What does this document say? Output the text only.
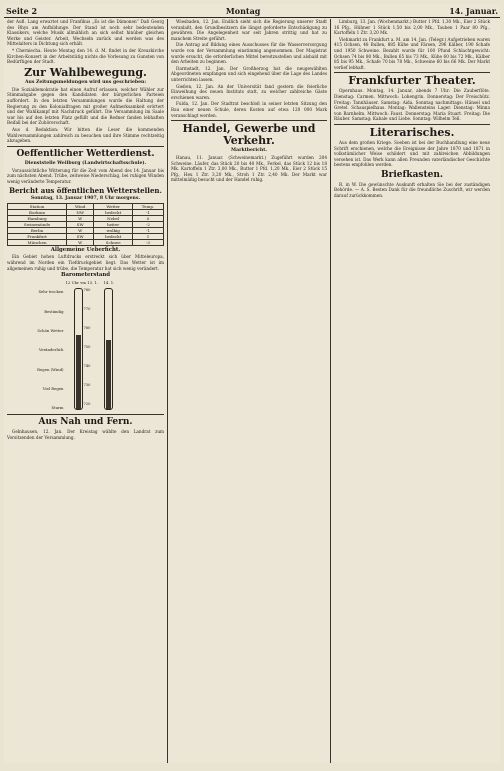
Seite 2	Montag	14. Januar.

der Aufl. Lang erwartet und Franfikus „Es ist die Dämonen“ Daß Georg des Rhys am Anfbildunge. Der Stand ist noch sehr bedeutenden Klassikers, welche Musik allmählich an sich selbst hinüber gleichen Werke und Geister. Arbeit, Wechseln zurück und werden was des Mittelalters in Dichtung sich erhält.

* Cherniecha. Heute Montag den 14. d. M. findet in der Kreuzkirche Kirchen-Konzert in der Arbeitstätig nichts die Vorlesung zu Gunsten von Bedürftigen der Stadt.

Zur Wahlbewegung.
Aus Zeitungsmeldungen wird uns geschrieben:

Die Sozialdemokratie hat einen Aufruf erlassen, welcher Wähler zur Stimmabgabe gegen den Kandidaten der bürgerlichen Parteien auffordert. In den letzten Versammlungen wurde die Haltung der Regierung zu den Kolonialfragen mit großer Aufmerksamkeit erörtert und der Wahlkampf mit Nachdruck geführt. Die Versammlung im Saale war bis auf den letzten Platz gefüllt und die Redner fanden lebhaften Beifall bei der Zuhörerschaft.

Aus d. Redaktion: Wir bitten die Leser die kommenden Wahlversammlungen zahlreich zu besuchen und ihre Stimme rechtzeitig abzugeben.

Oeffentlicher Wetterdienst.
Dienststelle Weilburg (Landwirtschaftsschule).

Voraussichtliche Witterung für die Zeit vom Abend des 14. Januar bis zum nächsten Abend. Trübe, zeitweise Niederschlag, bei ruhigen Winden wenig veränderte Temperatur.

Bericht aus öffentlichen Wetterstellen.
Sonntag, 13. Januar 1907, 8 Uhr morgens.
Station	Wind	Wetter	Temp.
Borkum	NW	bedeckt	-1
Hamburg	W	Nebel	0
Swinemünde	SW	heiter	-2
Berlin	W	wolkig	-1
Frankfurt	SW	bedeckt	1
München	W	Schnee	-3
Allgemeine Ueberficht.

Ein Gebiet hohen Luftdrucks erstreckt sich über Mitteleuropa, während im Norden ein Tiefdruckgebiet liegt. Das Wetter ist im allgemeinen ruhig und trübe, die Temperatur hat sich wenig verändert.

Barometerstand
12 Uhr vm 13. 1. 14. 1.
Sehr trocken
Beständig
Schön Wetter
Veränderlich
Regen (Wind)
Viel Regen
Sturm
780
770
760
750
740
730
720
Aus Nah und Fern.

Gelnhausen, 12. Jan. Der Kreistag wählte den Landrat zum Vorsitzenden der Versammlung.

Wiesbaden, 12. Jan. Endlich sieht sich die Regierung unserer Stadt veranlaßt, den Grundbesitzern die längst geforderte Entschädigung zu gewähren. Die Angelegenheit war seit Jahren strittig und hat zu manchem Streite geführt.

Die Antrag auf Bildung eines Ausschusses für die Wasserversorgung wurde von der Versammlung einstimmig angenommen. Der Magistrat wurde ersucht, die erforderlichen Mittel bereitzustellen und alsbald mit den Arbeiten zu beginnen.

Darmstadt, 12. Jan. Der Großherzog hat die neugewählten Abgeordneten empfangen und sich eingehend über die Lage des Landes unterrichten lassen.

Gießen, 12. Jan. An der Universität fand gestern die feierliche Einweihung des neuen Instituts statt, zu welcher zahlreiche Gäste erschienen waren.

Fulda, 12. Jan. Der Stadtrat beschloß in seiner letzten Sitzung den Bau einer neuen Schule, deren Kosten auf etwa 120 000 Mark veranschlagt werden.

Handel, Gewerbe und Verkehr.
Marktbericht.

Hanau, 11. Januar. (Schweinemarkt.) Zugeführt wurden 204 Schweine. Läufer, das Stück 20 bis 40 Mk., Ferkel, das Stück 12 bis 18 Mk. Kartoffeln 1 Ztr. 3,00 Mk., Butter 1 Pfd. 1,20 Mk., Eier 2 Stück 15 Pfg., Heu 1 Ztr. 3,20 Mk., Stroh 1 Ztr. 2,40 Mk. Der Markt war mittelmäßig besucht und der Handel ruhig.

Limburg, 13. Jan. (Wochenmarkt.) Butter 1 Pfd. 1,30 Mk., Eier 2 Stück 16 Pfg., Hühner 1 Stück 1,50 bis 2,00 Mk., Tauben 1 Paar 80 Pfg., Kartoffeln 1 Ztr. 3,20 Mk.

Viehmarkt zu Frankfurt a. M. am 14. Jan. (Telegr.) Aufgetrieben waren 415 Ochsen, 48 Bullen, 885 Kühe und Färsen, 296 Kälber, 190 Schafe und 1950 Schweine. Bezahlt wurde für 100 Pfund Schlachtgewicht: Ochsen 74 bis 80 Mk., Bullen 65 bis 73 Mk., Kühe 60 bis 72 Mk., Kälber 85 bis 95 Mk., Schafe 70 bis 78 Mk., Schweine 60 bis 66 Mk. Der Markt verlief lebhaft.

Frankfurter Theater.

Opernhaus. Montag, 14. Januar, abends 7 Uhr: Die Zauberflöte. Dienstag: Carmen. Mittwoch: Lohengrin. Donnerstag: Der Freischütz. Freitag: Tannhäuser. Samstag: Aida. Sonntag nachmittags: Hänsel und Gretel. Schauspielhaus. Montag: Wallensteins Lager. Dienstag: Minna von Barnhelm. Mittwoch: Faust. Donnerstag: Maria Stuart. Freitag: Die Räuber. Samstag: Kabale und Liebe. Sonntag: Wilhelm Tell.

Literarisches.

Aus dem großen Kriege. Soeben ist bei der Buchhandlung eine neue Schrift erschienen, welche die Ereignisse der Jahre 1870 und 1871 in volkstümlicher Weise schildert und mit zahlreichen Abbildungen versehen ist. Das Werk kann allen Freunden vaterländischer Geschichte bestens empfohlen werden.

Briefkasten.

R. in W. Die gewünschte Auskunft erhalten Sie bei der zuständigen Behörde. — A. S. Besten Dank für die freundliche Zuschrift, wir werden darauf zurückkommen.
